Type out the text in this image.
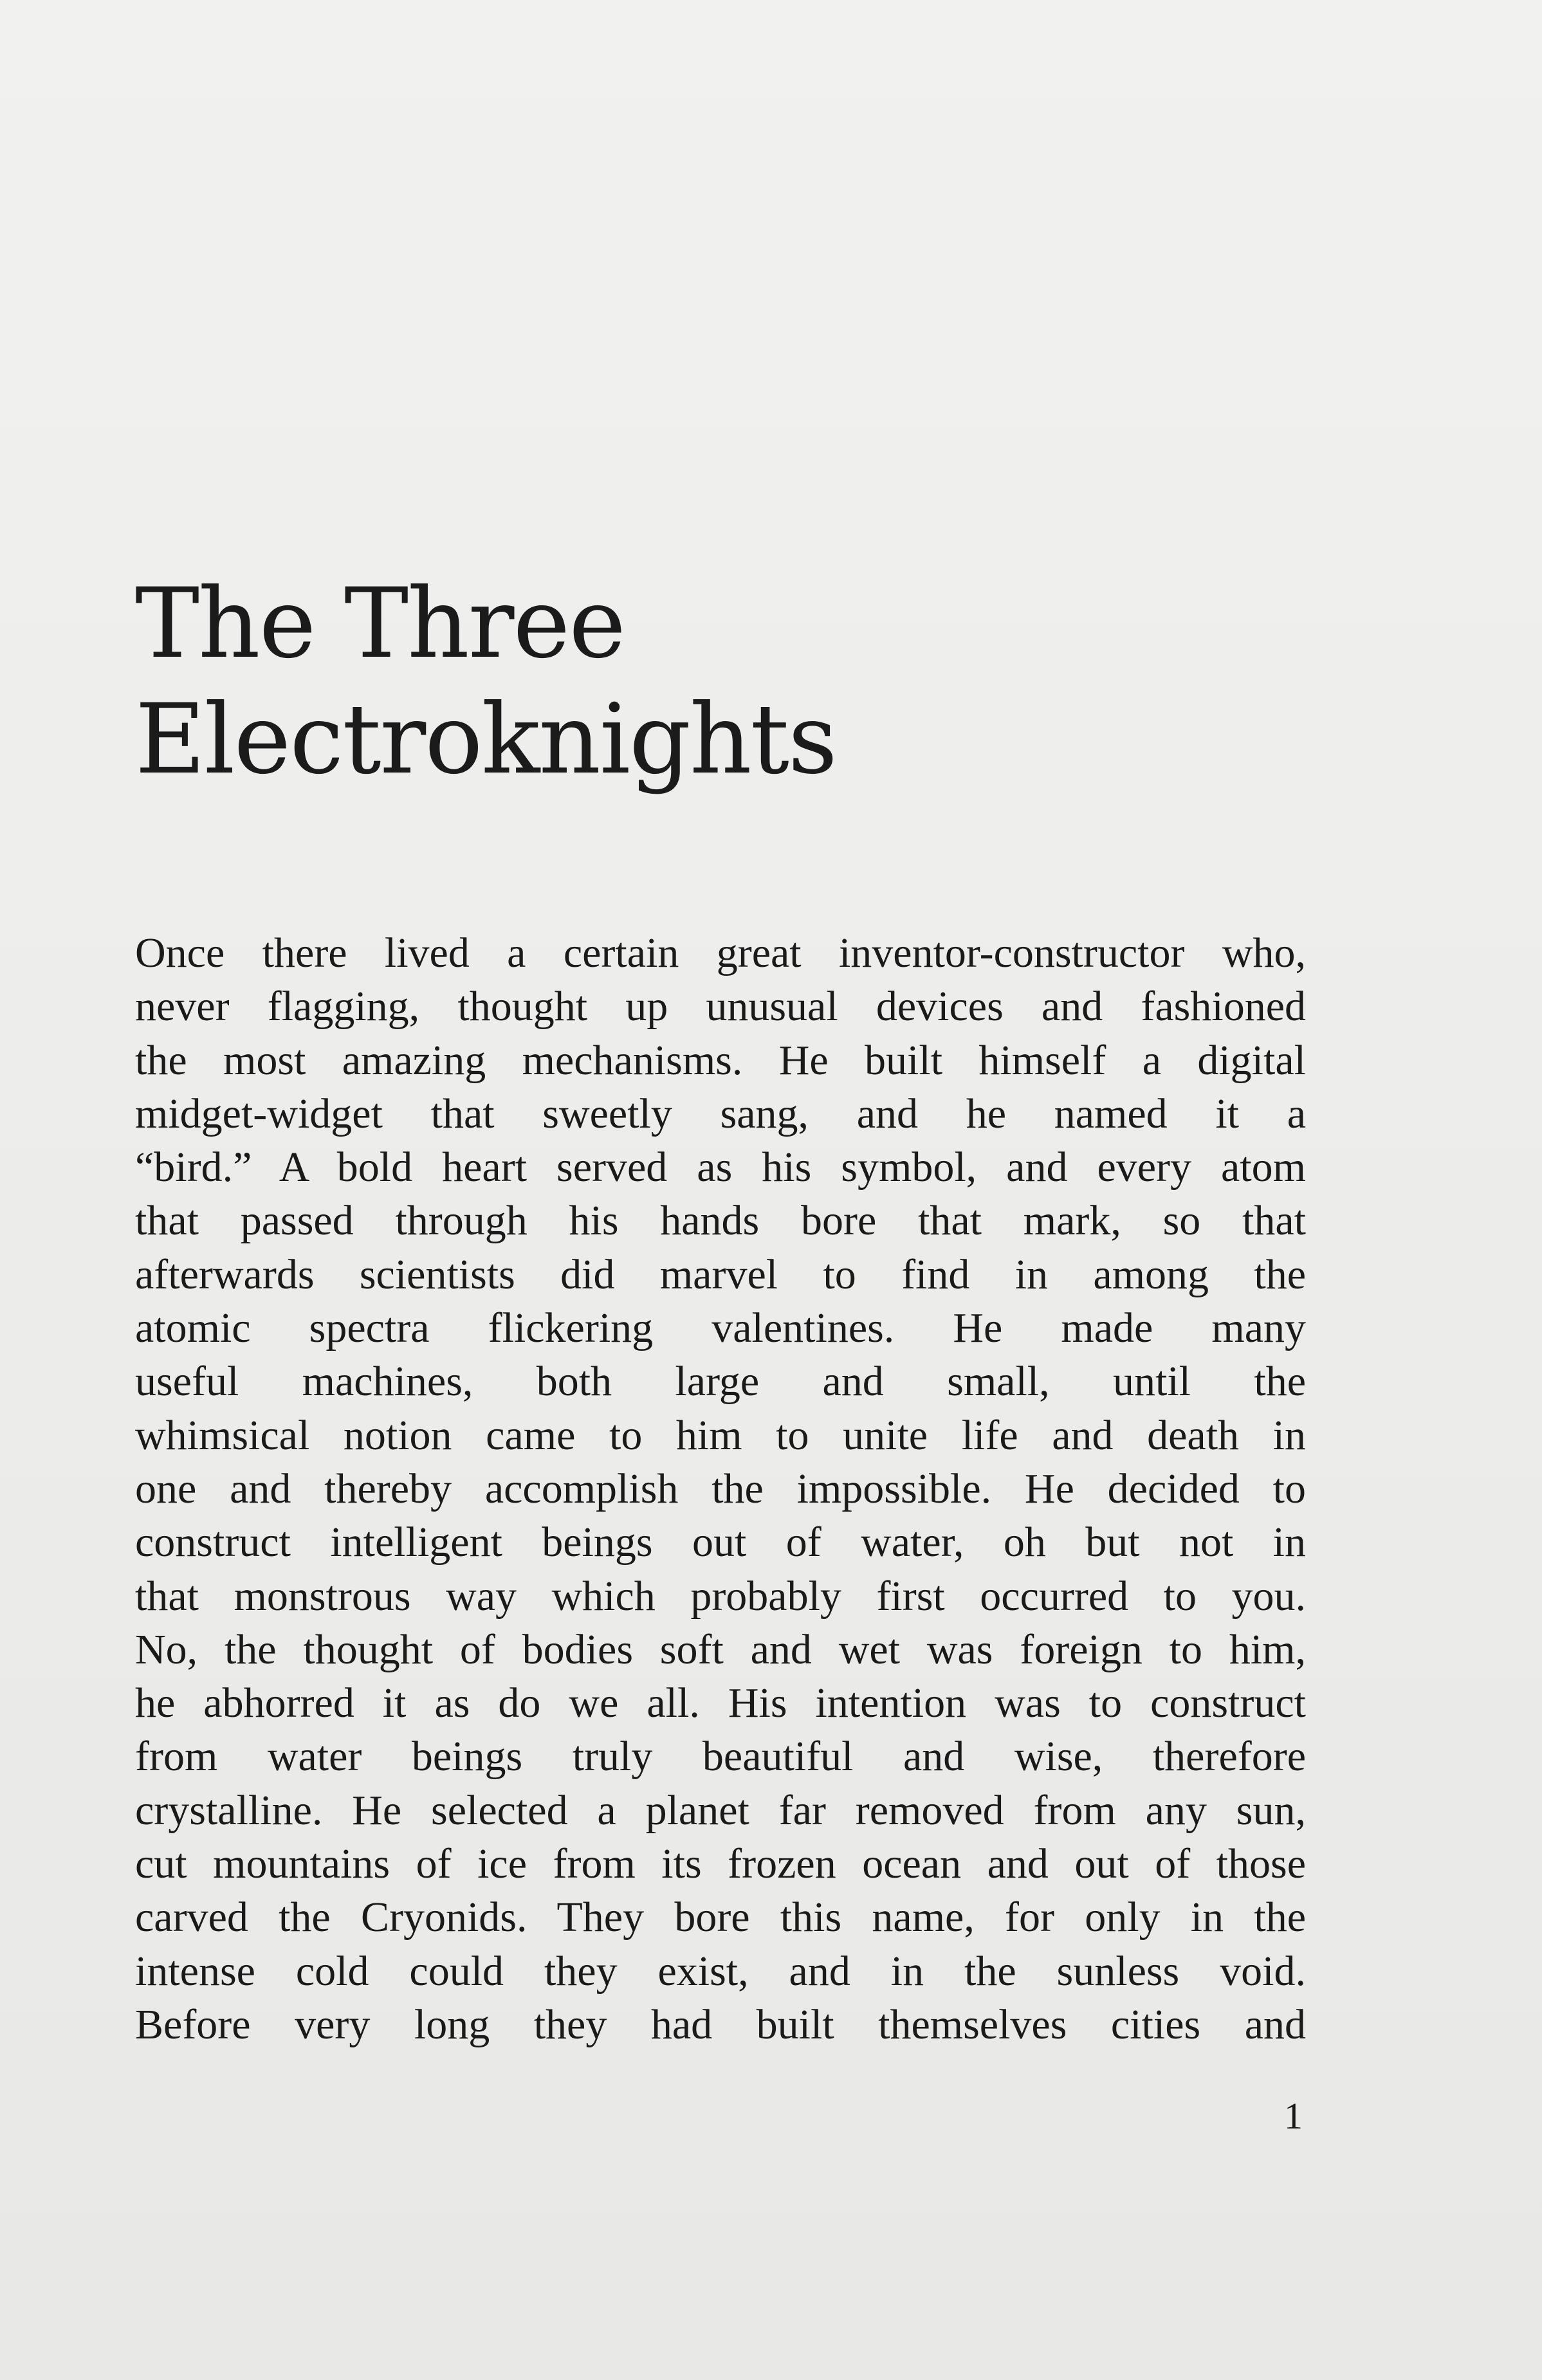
The Three
Electroknights
Once there lived a certain great inventor-constructor who,
never flagging, thought up unusual devices and fashioned
the most amazing mechanisms. He built himself a digital
midget-widget that sweetly sang, and he named it a
“bird.” A bold heart served as his symbol, and every atom
that passed through his hands bore that mark, so that
afterwards scientists did marvel to find in among the
atomic spectra flickering valentines. He made many
useful machines, both large and small, until the
whimsical notion came to him to unite life and death in
one and thereby accomplish the impossible. He decided to
construct intelligent beings out of water, oh but not in
that monstrous way which probably first occurred to you.
No, the thought of bodies soft and wet was foreign to him,
he abhorred it as do we all. His intention was to construct
from water beings truly beautiful and wise, therefore
crystalline. He selected a planet far removed from any sun,
cut mountains of ice from its frozen ocean and out of those
carved the Cryonids. They bore this name, for only in the
intense cold could they exist, and in the sunless void.
Before very long they had built themselves cities and
1
